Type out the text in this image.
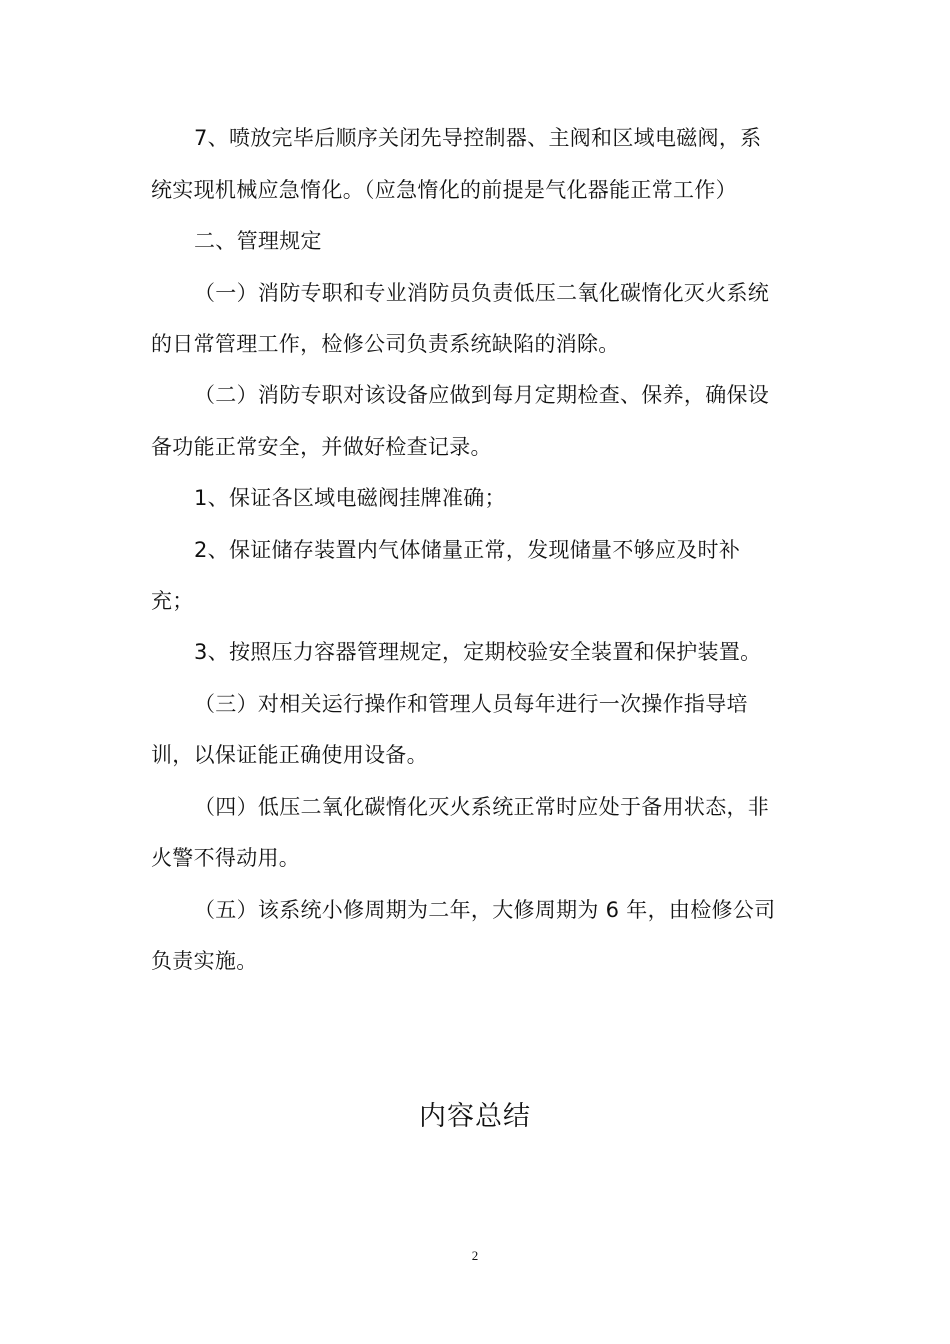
7、喷放完毕后顺序关闭先导控制器、主阀和区域电磁阀，系
统实现机械应急惰化。（应急惰化的前提是气化器能正常工作）
二、管理规定
（一）消防专职和专业消防员负责低压二氧化碳惰化灭火系统
的日常管理工作，检修公司负责系统缺陷的消除。
（二）消防专职对该设备应做到每月定期检查、保养，确保设
备功能正常安全，并做好检查记录。
1、保证各区域电磁阀挂牌准确；
2、保证储存装置内气体储量正常，发现储量不够应及时补
充；
3、按照压力容器管理规定，定期校验安全装置和保护装置。
（三）对相关运行操作和管理人员每年进行一次操作指导培
训，以保证能正确使用设备。
（四）低压二氧化碳惰化灭火系统正常时应处于备用状态，非
火警不得动用。
（五）该系统小修周期为二年，大修周期为 6 年，由检修公司
负责实施。
内容总结
2
